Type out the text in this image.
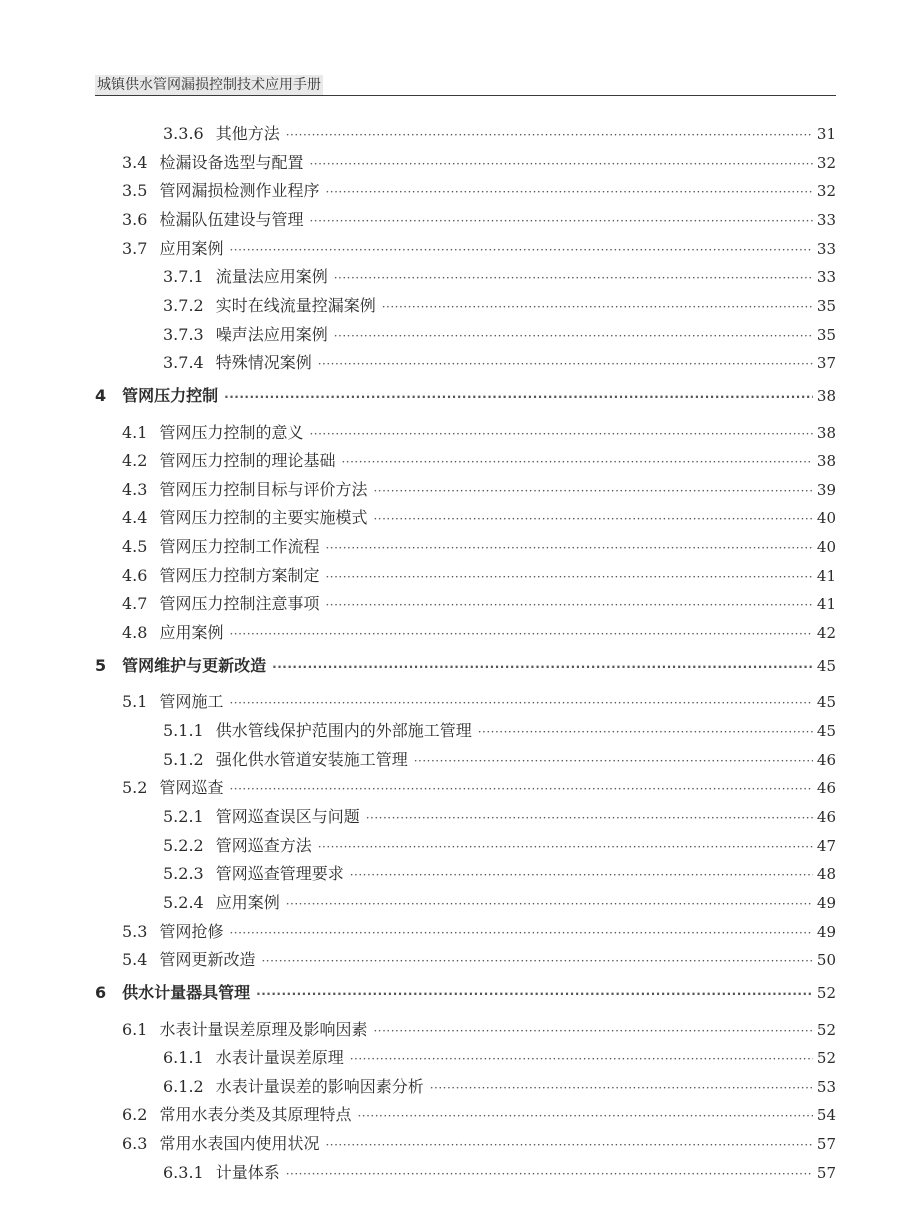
城镇供水管网漏损控制技术应用手册
3.3.6 其他方法 ·····	31
3.4 检漏设备选型与配置 ·····	32
3.5 管网漏损检测作业程序 ·····	32
3.6 检漏队伍建设与管理 ·····	33
3.7 应用案例 ·····	33
3.7.1 流量法应用案例 ·····	33
3.7.2 实时在线流量控漏案例 ·····	35
3.7.3 噪声法应用案例 ·····	35
3.7.4 特殊情况案例 ·····	37
4 管网压力控制 ·····	38
4.1 管网压力控制的意义 ·····	38
4.2 管网压力控制的理论基础 ·····	38
4.3 管网压力控制目标与评价方法 ·····	39
4.4 管网压力控制的主要实施模式 ·····	40
4.5 管网压力控制工作流程 ·····	40
4.6 管网压力控制方案制定 ·····	41
4.7 管网压力控制注意事项 ·····	41
4.8 应用案例 ·····	42
5 管网维护与更新改造 ·····	45
5.1 管网施工 ·····	45
5.1.1 供水管线保护范围内的外部施工管理 ·····	45
5.1.2 强化供水管道安装施工管理 ·····	46
5.2 管网巡查 ·····	46
5.2.1 管网巡查误区与问题 ·····	46
5.2.2 管网巡查方法 ·····	47
5.2.3 管网巡查管理要求 ·····	48
5.2.4 应用案例 ·····	49
5.3 管网抢修 ·····	49
5.4 管网更新改造 ·····	50
6 供水计量器具管理 ·····	52
6.1 水表计量误差原理及影响因素 ·····	52
6.1.1 水表计量误差原理 ·····	52
6.1.2 水表计量误差的影响因素分析 ·····	53
6.2 常用水表分类及其原理特点 ·····	54
6.3 常用水表国内使用状况 ·····	57
6.3.1 计量体系 ·····	57
